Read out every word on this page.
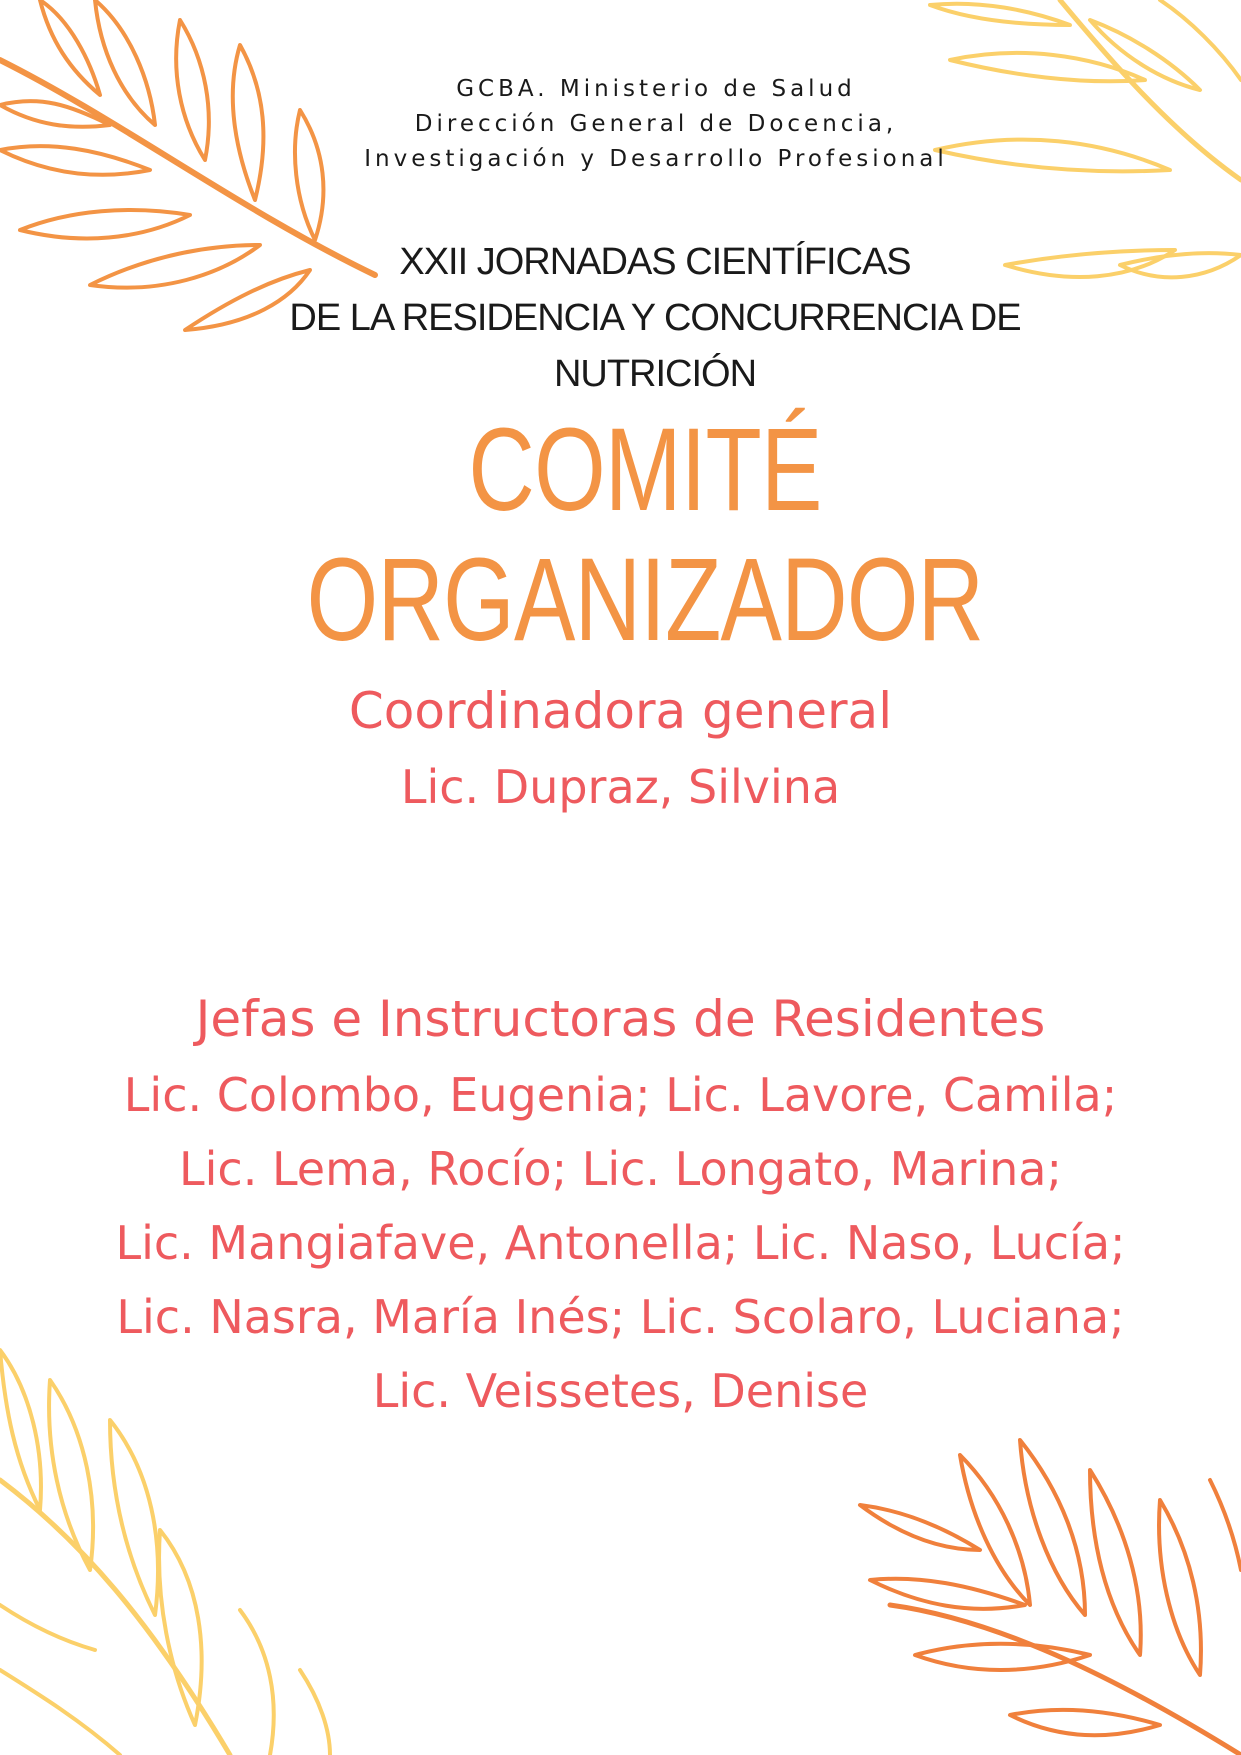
GCBA. Ministerio de Salud
Dirección General de Docencia,
Investigación y Desarrollo Profesional
XXII JORNADAS CIENTÍFICAS
DE LA RESIDENCIA Y CONCURRENCIA DE NUTRICIÓN
COMITÉ ORGANIZADOR
Coordinadora general
Lic. Dupraz, Silvina
Jefas e Instructoras de Residentes
Lic. Colombo, Eugenia; Lic. Lavore, Camila;
Lic. Lema, Rocío; Lic. Longato, Marina;
Lic. Mangiafave, Antonella; Lic. Naso, Lucía;
Lic. Nasra, María Inés; Lic. Scolaro, Luciana;
Lic. Veissetes, Denise
